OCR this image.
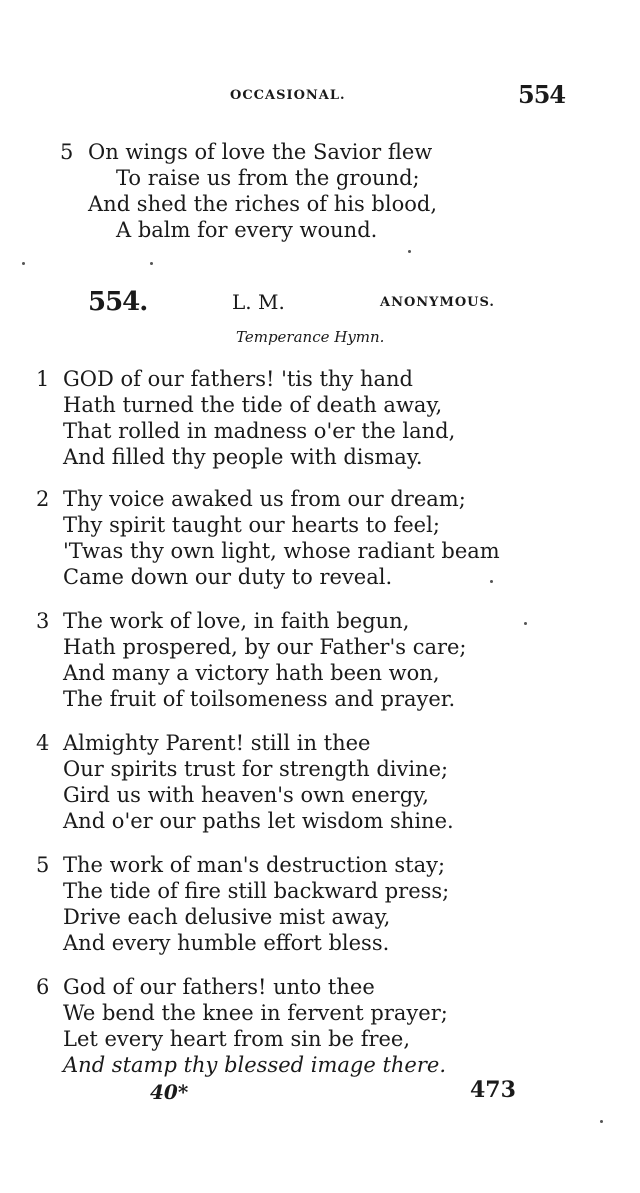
OCCASIONAL.	554
5 On wings of love the Savior flew
To raise us from the ground;
And shed the riches of his blood,
A balm for every wound.
554.	L. M.	ANONYMOUS.
Temperance Hymn.
1 GOD of our fathers! 'tis thy hand
Hath turned the tide of death away,
That rolled in madness o'er the land,
And filled thy people with dismay.
2 Thy voice awaked us from our dream;
Thy spirit taught our hearts to feel;
'Twas thy own light, whose radiant beam
Came down our duty to reveal.
3 The work of love, in faith begun,
Hath prospered, by our Father's care;
And many a victory hath been won,
The fruit of toilsomeness and prayer.
4 Almighty Parent! still in thee
Our spirits trust for strength divine;
Gird us with heaven's own energy,
And o'er our paths let wisdom shine.
5 The work of man's destruction stay;
The tide of fire still backward press;
Drive each delusive mist away,
And every humble effort bless.
6 God of our fathers! unto thee
We bend the knee in fervent prayer;
Let every heart from sin be free,
And stamp thy blessed image there.
40*	473
